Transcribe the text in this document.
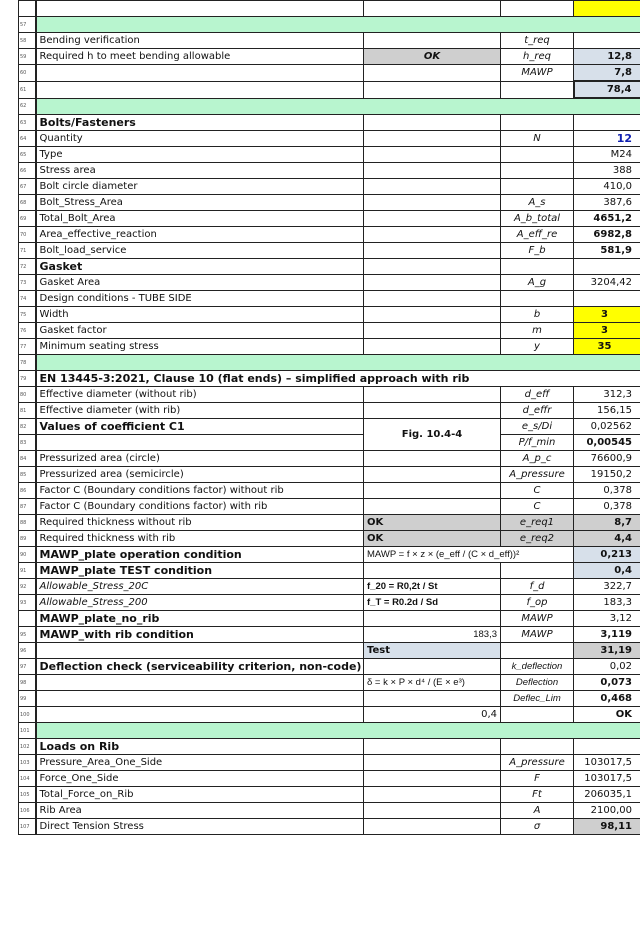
57				
58	Bending verification		t_req	
59	Required h to meet bending allowable	OK	h_req	12,8
60			MAWP	7,8
61				78,4
62				
63	Bolts/Fasteners			
64	Quantity		N	12
65	Type			M24
66	Stress area			388
67	Bolt circle diameter			410,0
68	Bolt_Stress_Area		A_s	387,6
69	Total_Bolt_Area		A_b_total	4651,2
70	Area_effective_reaction		A_eff_re	6982,8
71	Bolt_load_service		F_b	581,9
72	Gasket			
73	Gasket Area		A_g	3204,42
74	Design conditions - TUBE SIDE			
75	Width		b	3
76	Gasket factor		m	3
77	Minimum seating stress		y	35
78				
79	EN 13445-3:2021, Clause 10 (flat ends) – simplified approach with rib			
80	Effective diameter (without rib)		d_eff	312,3
81	Effective diameter (with rib)		d_effr	156,15
82	Values of coefficient C1	Fig. 10.4-4	e_s/Di	0,02562
83			P/f_min	0,00545
84	Pressurized area (circle)		A_p_c	76600,9
85	Pressurized area (semicircle)		A_pressure	19150,2
86	Factor C (Boundary conditions factor) without rib		C	0,378
87	Factor C (Boundary conditions factor) with rib		C	0,378
88	Required thickness without rib	OK	e_req1	8,7
89	Required thickness with rib	OK	e_req2	4,4
90	MAWP_plate operation condition	MAWP = f × z × (e_eff / (C × d_eff))²		0,213
91	MAWP_plate TEST condition			0,4
92	Allowable_Stress_20C	f_20 = R0,2t / St	f_d	322,7
93	Allowable_Stress_200	f_T = R0.2d / Sd	f_op	183,3
	MAWP_plate_no_rib		MAWP	3,12
95	MAWP_with rib condition	183,3	MAWP	3,119
96		Test		31,19
97	Deflection check (serviceability criterion, non-code)		k_deflection	0,02
98		δ = k × P × d⁴ / (E × e³)	Deflection	0,073
99			Deflec_Lim	0,468
100		0,4		OK
101				
102	Loads on Rib			
103	Pressure_Area_One_Side		A_pressure	103017,5
104	Force_One_Side		F	103017,5
105	Total_Force_on_Rib		Ft	206035,1
106	Rib Area		A	2100,00
107	Direct Tension Stress		σ	98,11
